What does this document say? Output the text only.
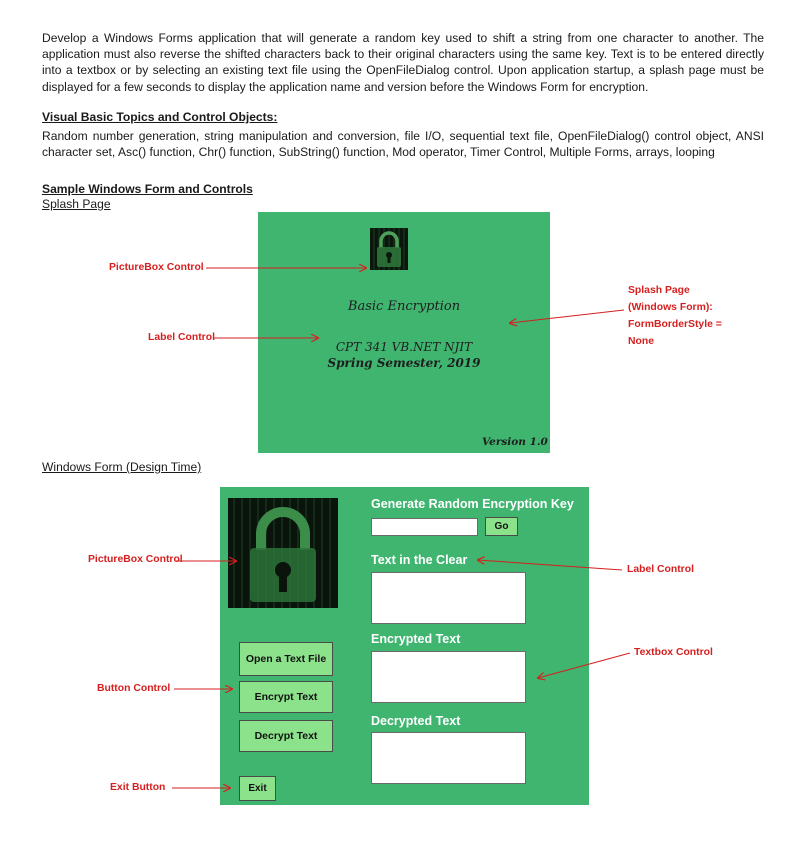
Develop a Windows Forms application that will generate a random key used to shift a string from one character to another. The application must also reverse the shifted characters back to their original characters using the same key. Text is to be entered directly into a textbox or by selecting an existing text file using the OpenFileDialog control. Upon application startup, a splash page must be displayed for a few seconds to display the application name and version before the Windows Form for encryption.
Visual Basic Topics and Control Objects:
Random number generation, string manipulation and conversion, file I/O, sequential text file, OpenFileDialog() control object, ANSI character set, Asc() function, Chr() function, SubString() function, Mod operator, Timer Control, Multiple Forms, arrays, looping
Sample Windows Form and Controls
Splash Page
Basic Encryption
CPT 341 VB.NET NJIT
Spring Semester, 2019
Version 1.0
PictureBox Control
Label Control
Splash Page
(Windows Form):
FormBorderStyle =
None
Windows Form (Design Time)
Generate Random Encryption Key
Go
Text in the Clear
Encrypted Text
Decrypted Text
Open a Text File
Encrypt Text
Decrypt Text
Exit
PictureBox Control
Button Control
Exit Button
Label Control
Textbox Control
